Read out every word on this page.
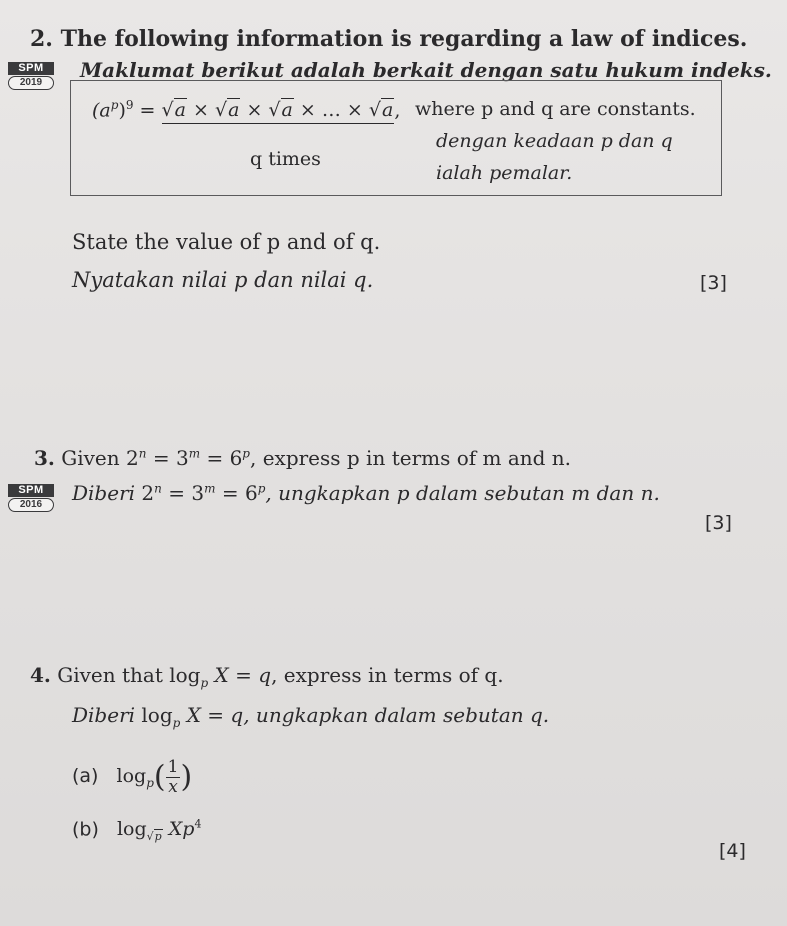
2. The following information is regarding a law of indices.
SPM
2019
Maklumat berikut adalah berkait dengan satu hukum indeks.
$(a^p)^9 = √a \times √a \times √a$ × … × √a, where p and q are constants.
dengan keadaan p dan q
q times
ialah pemalar.
State the value of p and of q.
Nyatakan nilai p dan nilai q.	[3]
3. Given $2^n = 3^m = 6^p$, express p in terms of m and n.
SPM
2016	Diberi $2^n = 3^m = 6^p$, ungkapkan p dalam sebutan m dan n.
[3]
4. Given that $\log_p X = q$, express in terms of q.
Diberi $\log_p X = q$, ungkapkan dalam sebutan q.
(a) $\log_p( \frac{1}{x}$ )
(b) $\log_{√p} Xp^4$
[4]
